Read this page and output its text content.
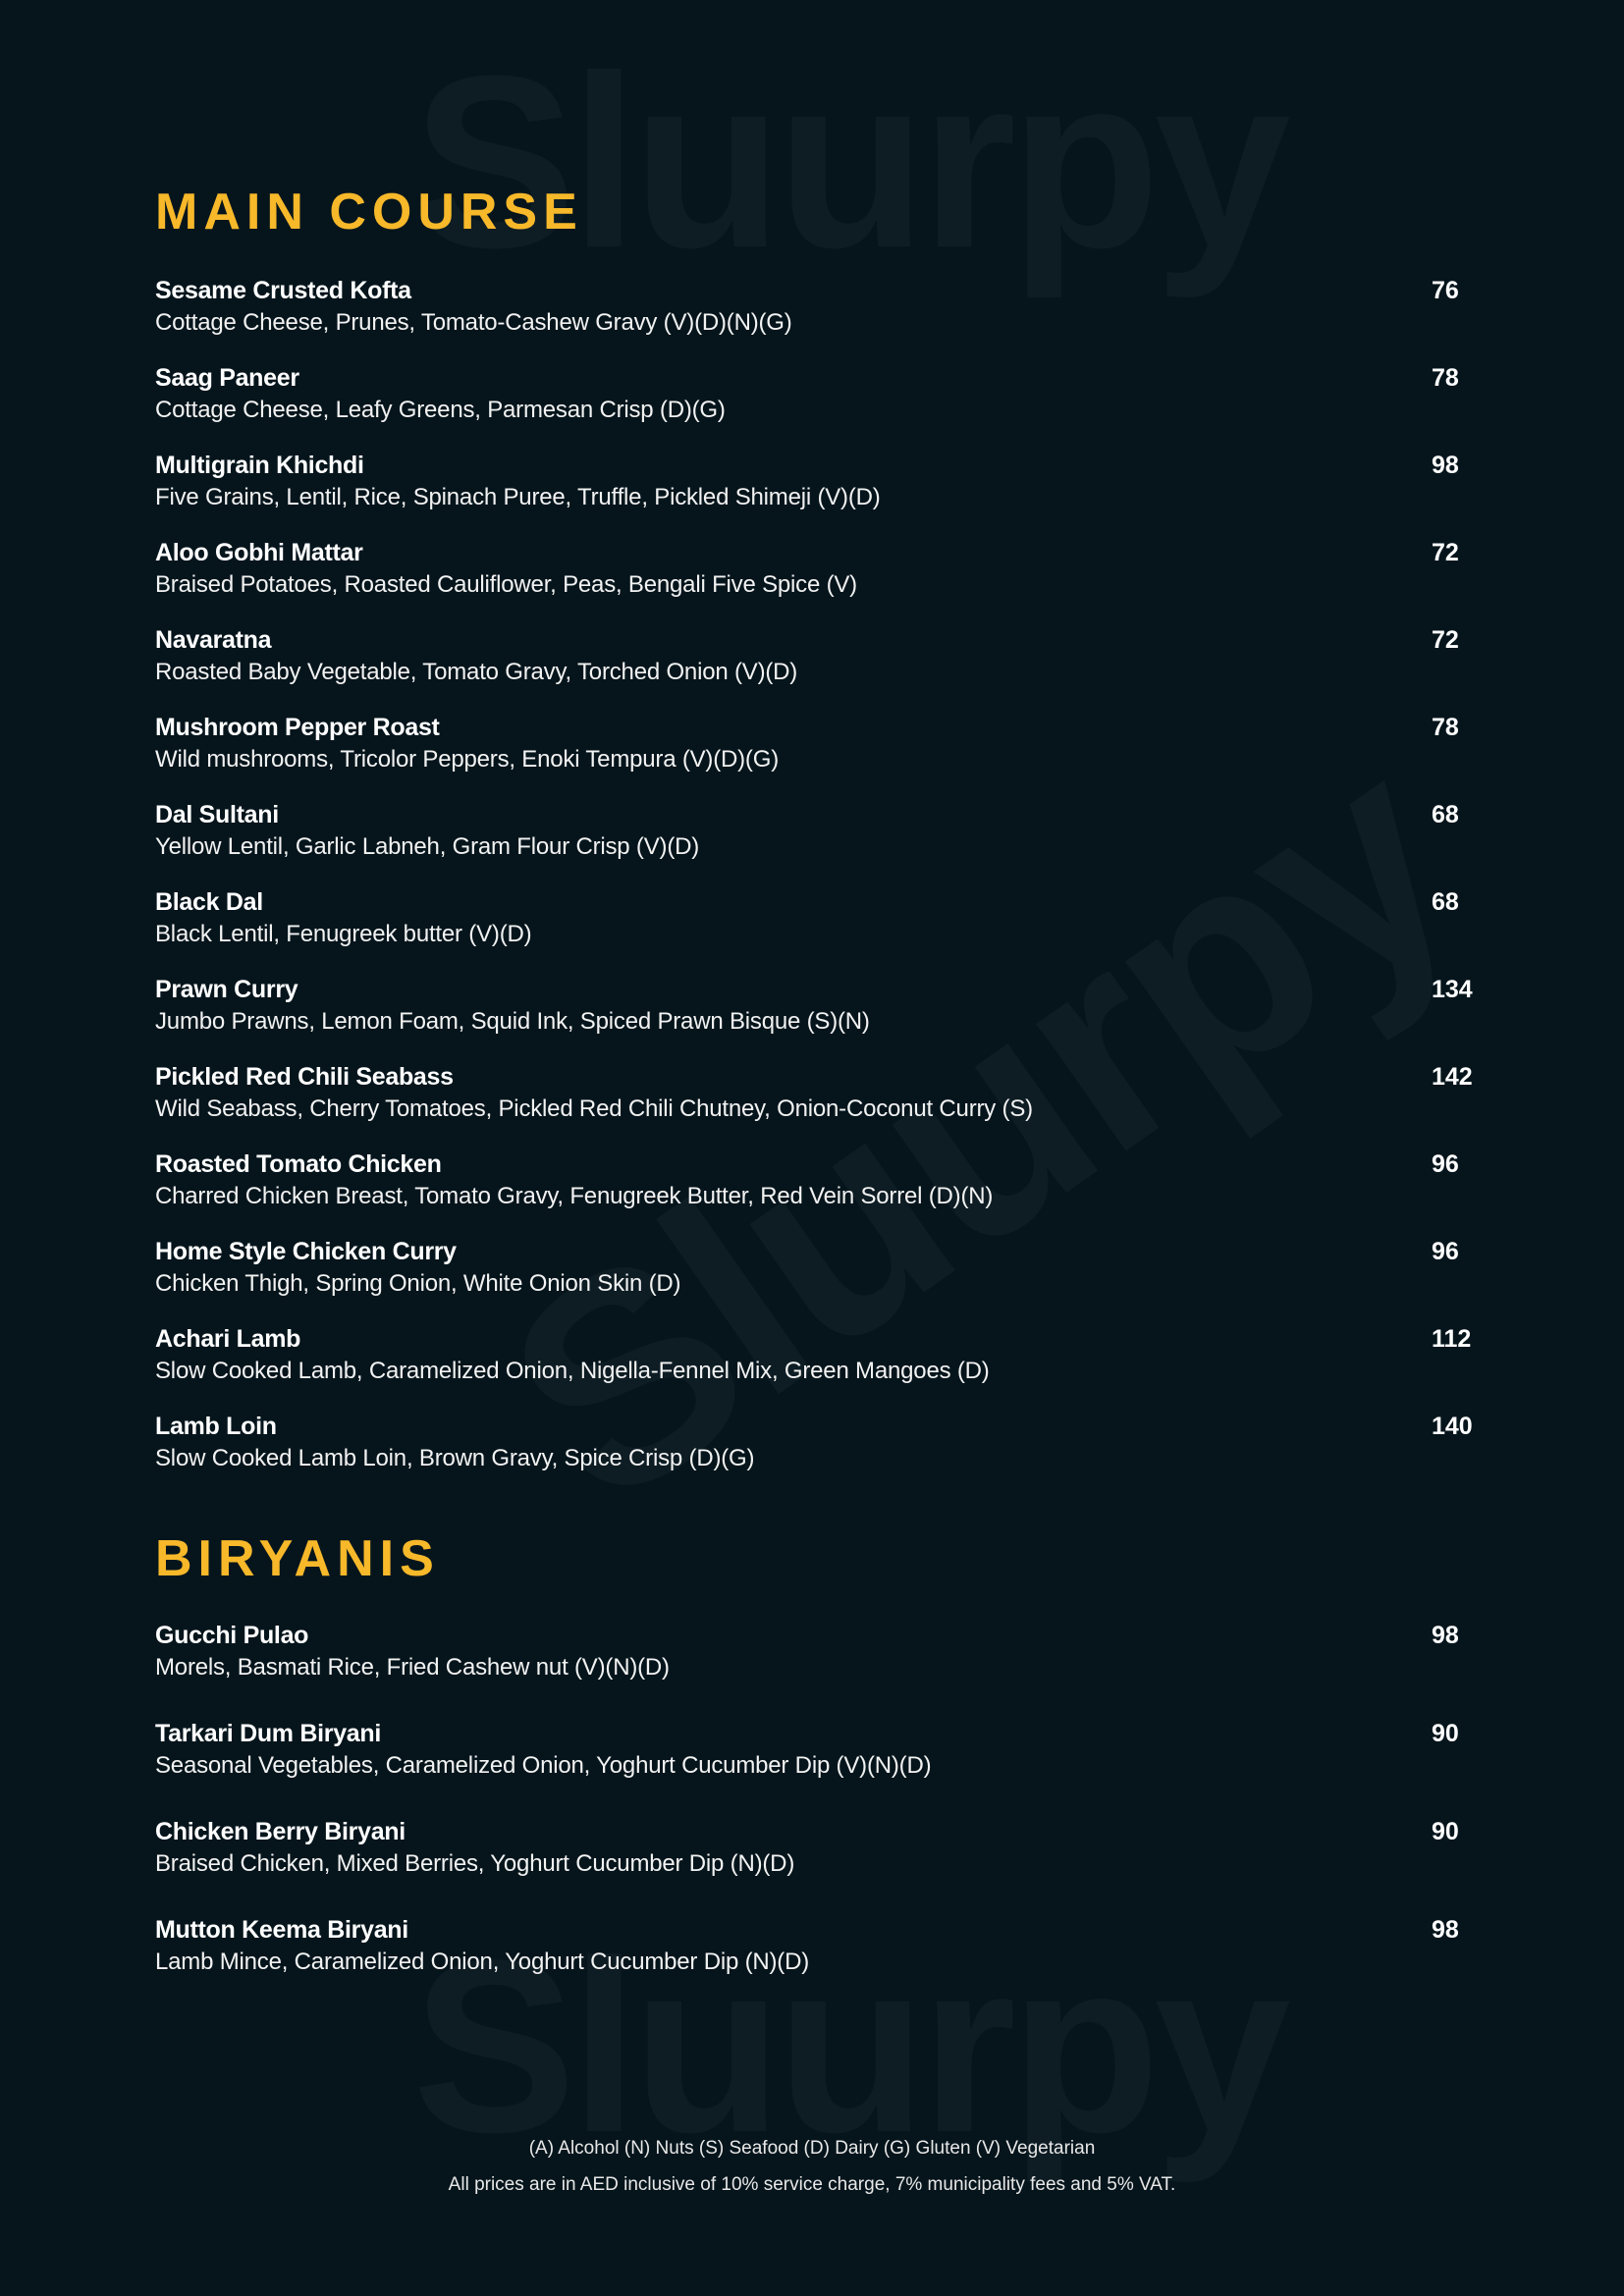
MAIN COURSE
Sesame Crusted Kofta
Cottage Cheese, Prunes, Tomato-Cashew Gravy (V)(D)(N)(G)
76
Saag Paneer
Cottage Cheese, Leafy Greens, Parmesan Crisp (D)(G)
78
Multigrain Khichdi
Five Grains, Lentil, Rice, Spinach Puree, Truffle, Pickled Shimeji (V)(D)
98
Aloo Gobhi Mattar
Braised Potatoes, Roasted Cauliflower, Peas, Bengali Five Spice (V)
72
Navaratna
Roasted Baby Vegetable, Tomato Gravy, Torched Onion (V)(D)
72
Mushroom Pepper Roast
Wild mushrooms, Tricolor Peppers, Enoki Tempura (V)(D)(G)
78
Dal Sultani
Yellow Lentil, Garlic Labneh, Gram Flour Crisp (V)(D)
68
Black Dal
Black Lentil, Fenugreek butter (V)(D)
68
Prawn Curry
Jumbo Prawns, Lemon Foam, Squid Ink, Spiced Prawn Bisque (S)(N)
134
Pickled Red Chili Seabass
Wild Seabass, Cherry Tomatoes, Pickled Red Chili Chutney, Onion-Coconut Curry (S)
142
Roasted Tomato Chicken
Charred Chicken Breast, Tomato Gravy, Fenugreek Butter, Red Vein Sorrel (D)(N)
96
Home Style Chicken Curry
Chicken Thigh, Spring Onion, White Onion Skin (D)
96
Achari Lamb
Slow Cooked Lamb, Caramelized Onion, Nigella-Fennel Mix, Green Mangoes (D)
112
Lamb Loin
Slow Cooked Lamb Loin, Brown Gravy, Spice Crisp (D)(G)
140
BIRYANIS
Gucchi Pulao
Morels, Basmati Rice, Fried Cashew nut (V)(N)(D)
98
Tarkari Dum Biryani
Seasonal Vegetables, Caramelized Onion, Yoghurt Cucumber Dip (V)(N)(D)
90
Chicken Berry Biryani
Braised Chicken, Mixed Berries, Yoghurt Cucumber Dip (N)(D)
90
Mutton Keema Biryani
Lamb Mince, Caramelized Onion, Yoghurt Cucumber Dip (N)(D)
98
(A) Alcohol (N) Nuts (S) Seafood (D) Dairy (G) Gluten (V) Vegetarian
All prices are in AED inclusive of 10% service charge, 7% municipality fees and 5% VAT.
